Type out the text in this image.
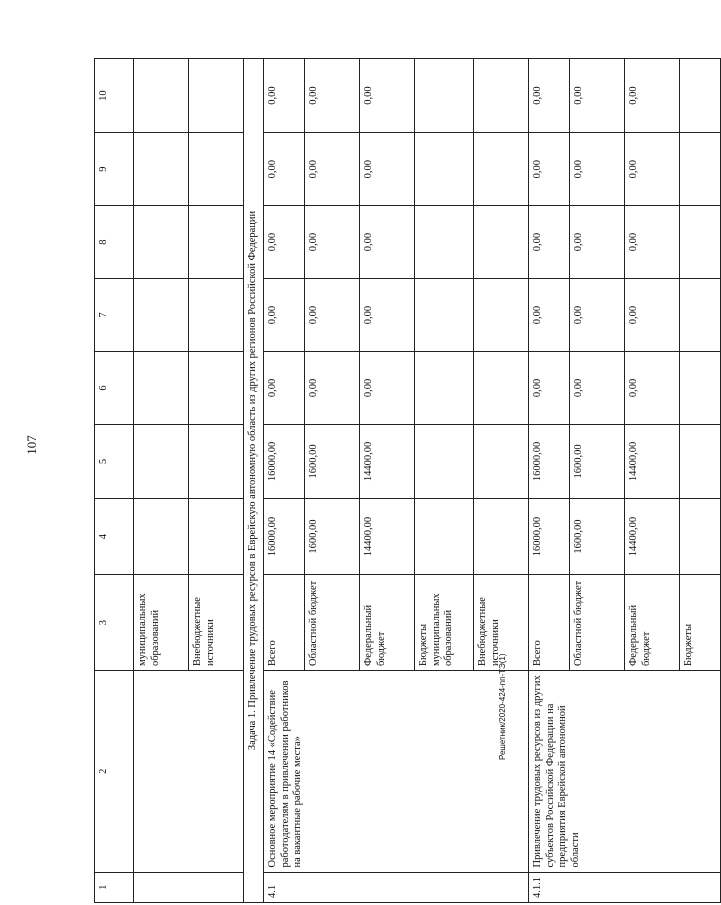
107
Решетник/2020-424-пп-ТЭ(1)
1	2	3	4	5	6	7	8	9	10
		муниципальных образований							
		Внебюджетные источники							
Задача 1. Привлечение трудовых ресурсов в Еврейскую автономную область из других регионов Российской Федерации									
4.1	Основное мероприятие 14 «Содействие работодателям в привлечении работников на вакантные рабочие места»	Всего	16000,00	16000,00	0,00	0,00	0,00	0,00	0,00
		Областной бюджет	1600,00	1600,00	0,00	0,00	0,00	0,00	0,00
		Федеральный бюджет	14400,00	14400,00	0,00	0,00	0,00	0,00	0,00
		Бюджеты муниципальных образований							
		Внебюджетные источники							
4.1.1	Привлечение трудовых ресурсов из других субъектов Российской Федерации на предприятия Еврейской автономной области	Всего	16000,00	16000,00	0,00	0,00	0,00	0,00	0,00
		Областной бюджет	1600,00	1600,00	0,00	0,00	0,00	0,00	0,00
		Федеральный бюджет	14400,00	14400,00	0,00	0,00	0,00	0,00	0,00
		Бюджеты							
